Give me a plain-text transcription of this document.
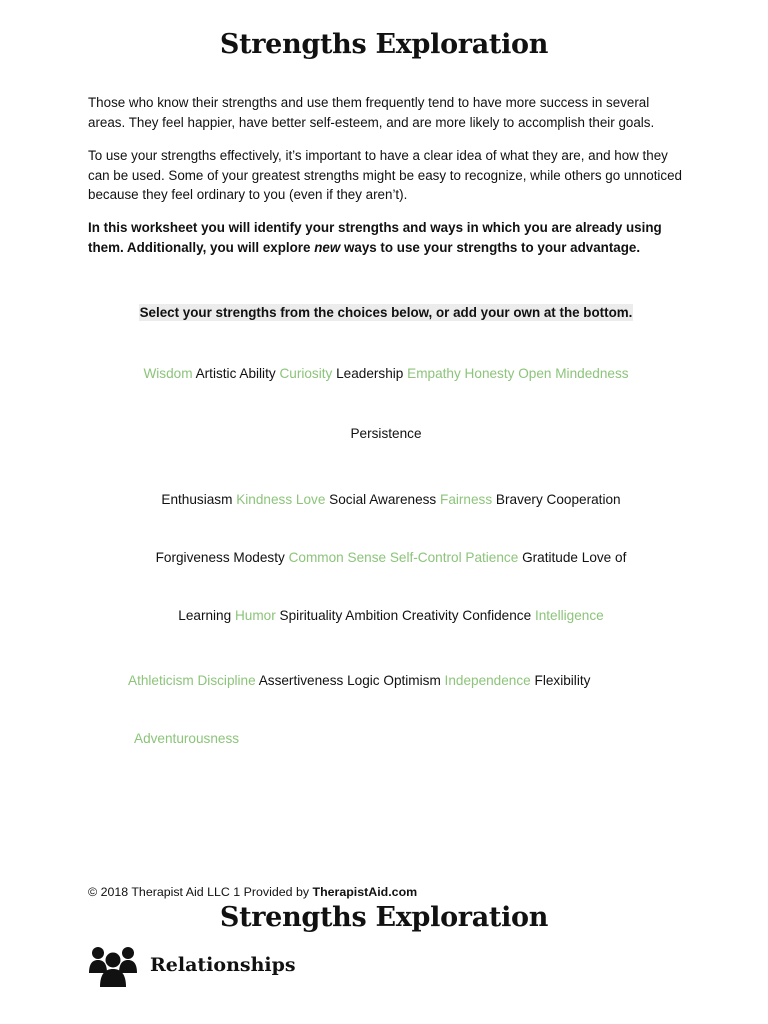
Strengths Exploration

Those who know their strengths and use them frequently tend to have more success in several areas. They feel happier, have better self-esteem, and are more likely to accomplish their goals.

To use your strengths effectively, it’s important to have a clear idea of what they are, and how they can be used. Some of your greatest strengths might be easy to recognize, while others go unnoticed because they feel ordinary to you (even if they aren’t).

In this worksheet you will identify your strengths and ways in which you are already using them. Additionally, you will explore new ways to use your strengths to your advantage.

Select your strengths from the choices below, or add your own at the bottom.
Wisdom Artistic Ability Curiosity Leadership Empathy Honesty Open Mindedness
Persistence
Enthusiasm Kindness Love Social Awareness Fairness Bravery Cooperation
Forgiveness Modesty Common Sense Self-Control Patience Gratitude Love of
Learning Humor Spirituality Ambition Creativity Confidence Intelligence
Athleticism Discipline Assertiveness Logic Optimism Independence Flexibility
Adventurousness
© 2018 Therapist Aid LLC 1 Provided by TherapistAid.com
Strengths Exploration
Relationships
